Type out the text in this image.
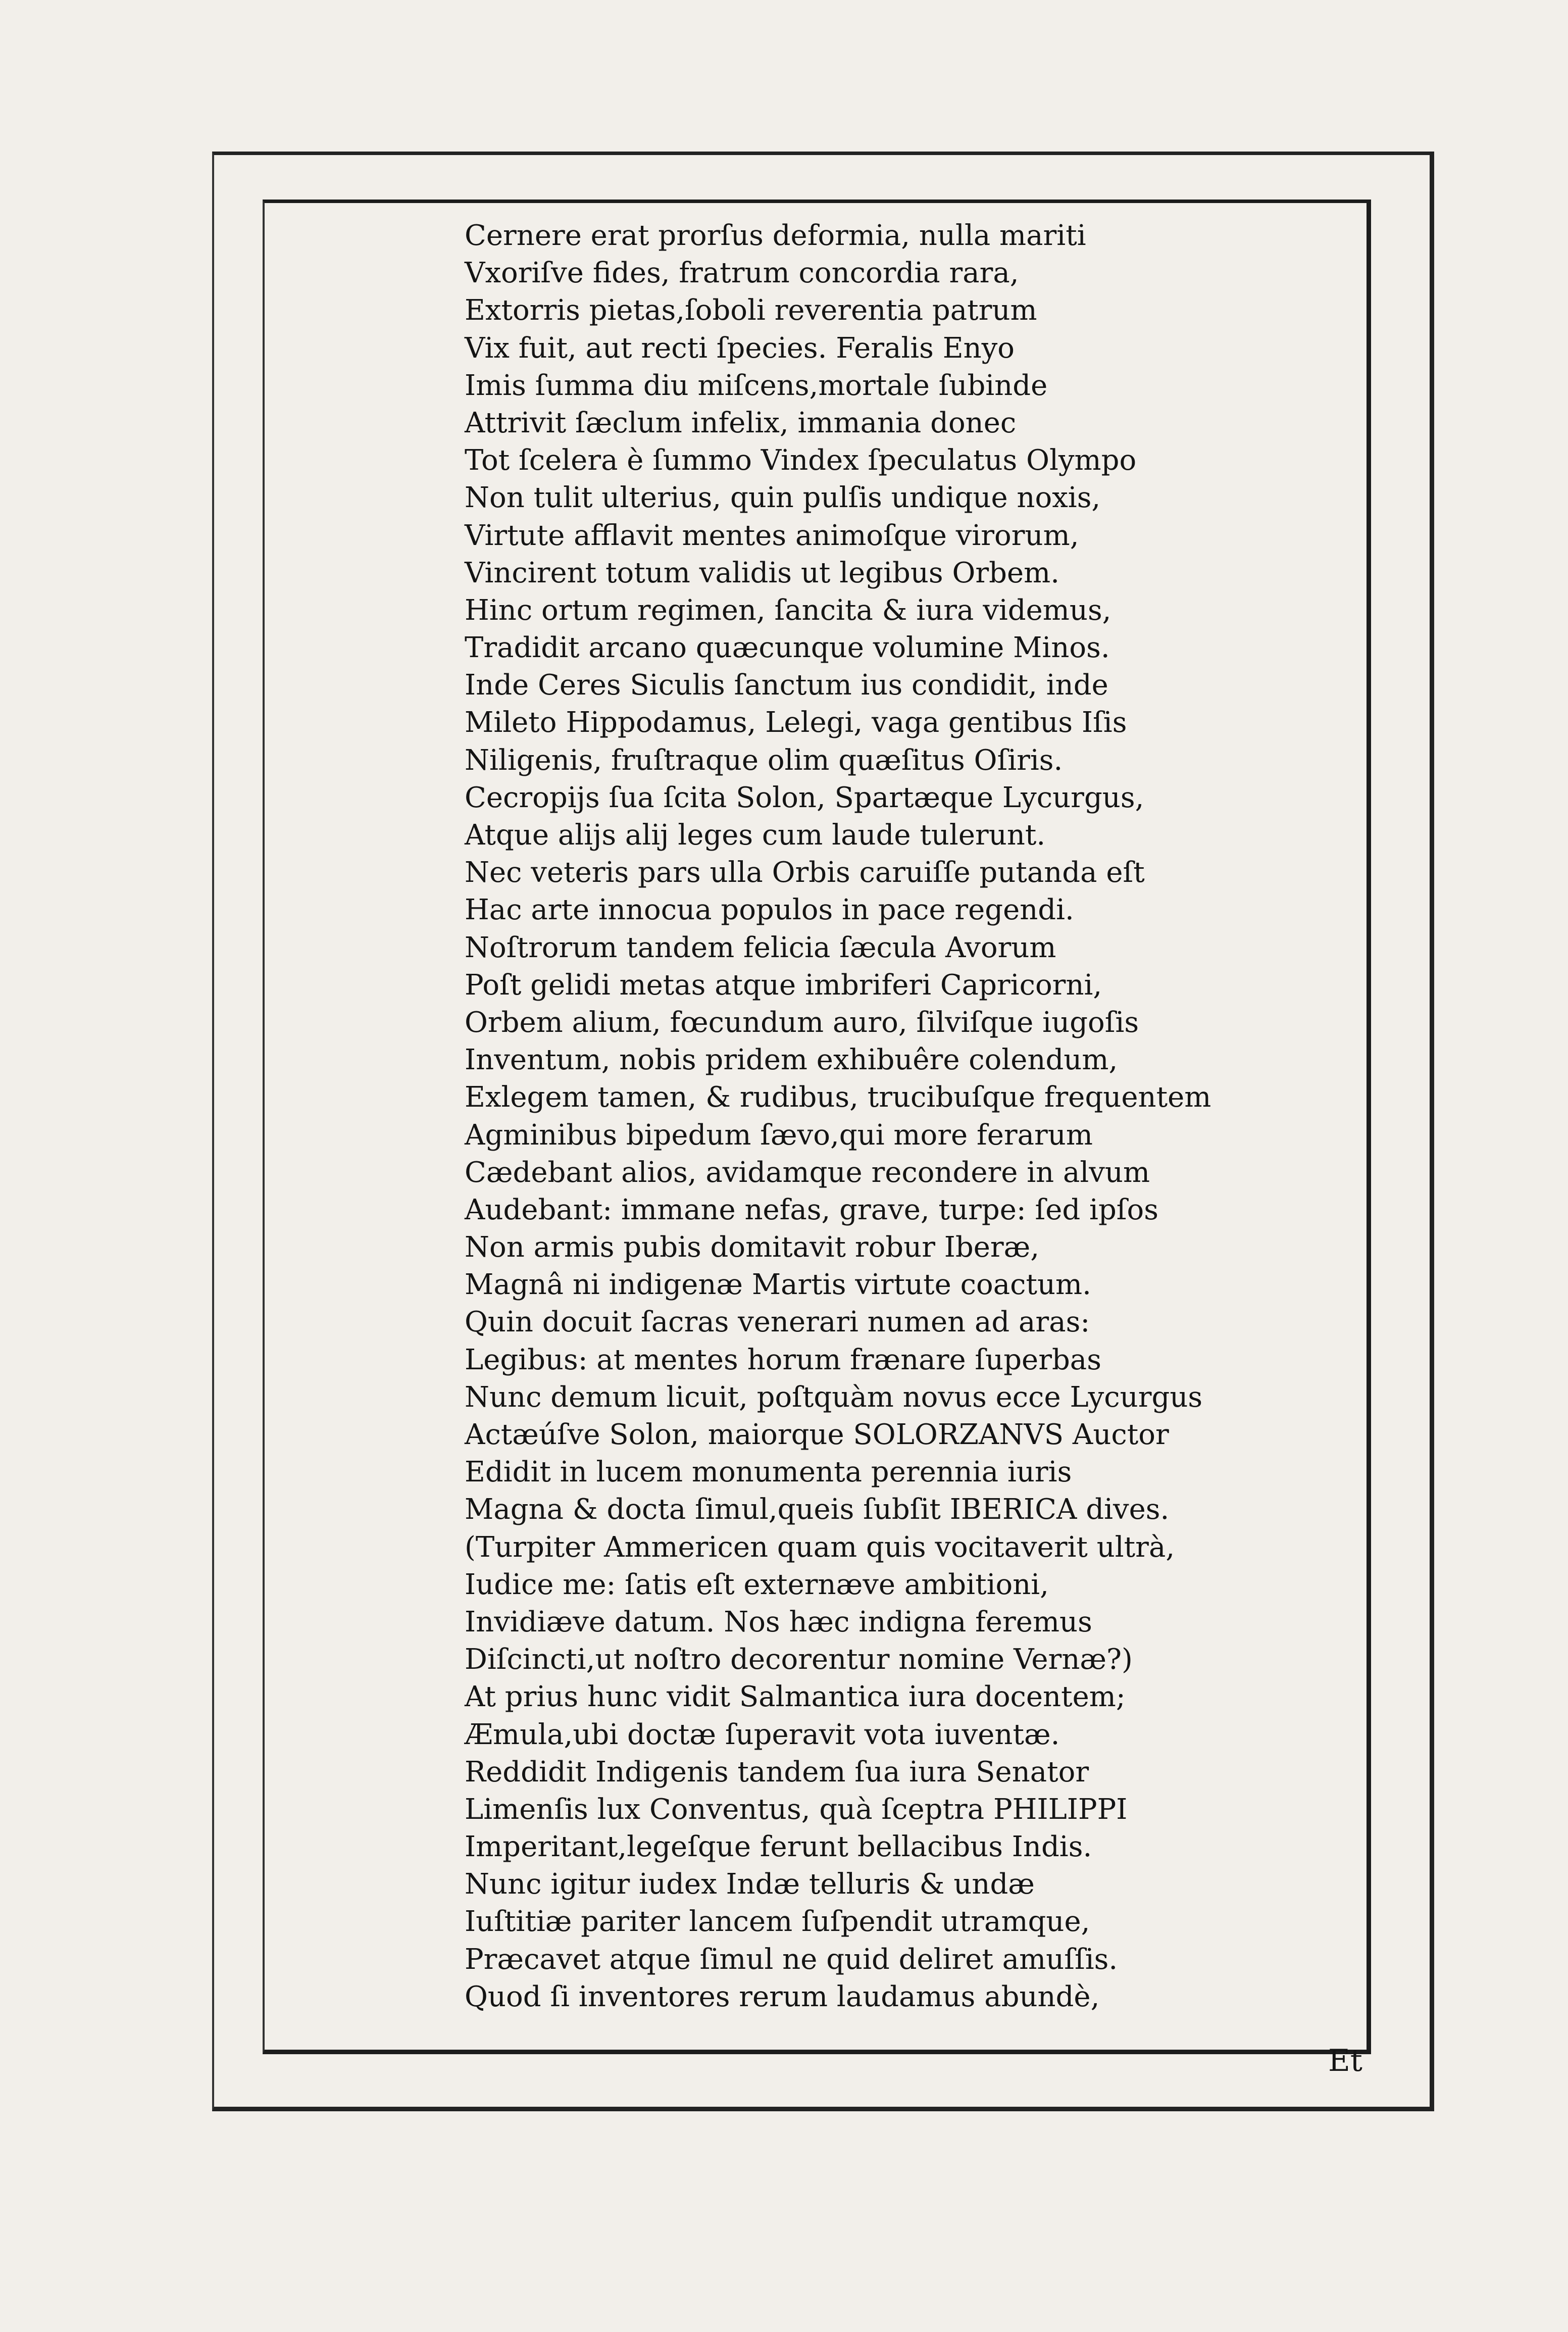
Cernere erat prorſus deformia, nulla mariti
Vxoriſve fides, fratrum concordia rara,
Extorris pietas,ſoboli reverentia patrum
Vix fuit, aut recti ſpecies. Feralis Enyo
Imis ſumma diu miſcens,mortale ſubinde
Attrivit ſæclum infelix, immania donec
Tot ſcelera è ſummo Vindex ſpeculatus Olympo
Non tulit ulterius, quin pulſis undique noxis,
Virtute afflavit mentes animoſque virorum,
Vincirent totum validis ut legibus Orbem.
Hinc ortum regimen, ſancita & iura videmus,
Tradidit arcano quæcunque volumine Minos.
Inde Ceres Siculis ſanctum ius condidit, inde
Mileto Hippodamus, Lelegi, vaga gentibus Iſis
Niligenis, fruſtraque olim quæſitus Oſiris.
Cecropijs ſua ſcita Solon, Spartæque Lycurgus,
Atque alijs alij leges cum laude tulerunt.
Nec veteris pars ulla Orbis caruiſſe putanda eſt
Hac arte innocua populos in pace regendi.
Noſtrorum tandem felicia ſæcula Avorum
Poſt gelidi metas atque imbriferi Capricorni,
Orbem alium, fœcundum auro, ſilviſque iugoſis
Inventum, nobis pridem exhibuêre colendum,
Exlegem tamen, & rudibus, trucibuſque frequentem
Agminibus bipedum ſævo,qui more ferarum
Cædebant alios, avidamque recondere in alvum
Audebant: immane nefas, grave, turpe: ſed ipſos
Non armis pubis domitavit robur Iberæ,
Magnâ ni indigenæ Martis virtute coactum.
Quin docuit ſacras venerari numen ad aras:
Legibus: at mentes horum frænare ſuperbas
Nunc demum licuit, poſtquàm novus ecce Lycurgus
Actæúſve Solon, maiorque SOLORZANVS Auctor
Edidit in lucem monumenta perennia iuris
Magna & docta ſimul,queis ſubſit IBERICA dives.
(Turpiter Ammericen quam quis vocitaverit ultrà,
Iudice me: ſatis eſt externæve ambitioni,
Invidiæve datum. Nos hæc indigna feremus
Diſcincti,ut noſtro decorentur nomine Vernæ?)
At prius hunc vidit Salmantica iura docentem;
Æmula,ubi doctæ ſuperavit vota iuventæ.
Reddidit Indigenis tandem ſua iura Senator
Limenſis lux Conventus, quà ſceptra PHILIPPI
Imperitant,legeſque ferunt bellacibus Indis.
Nunc igitur iudex Indæ telluris & undæ
Iuſtitiæ pariter lancem ſuſpendit utramque,
Præcavet atque ſimul ne quid deliret amuſſis.
Quod ſi inventores rerum laudamus abundè,
Et
